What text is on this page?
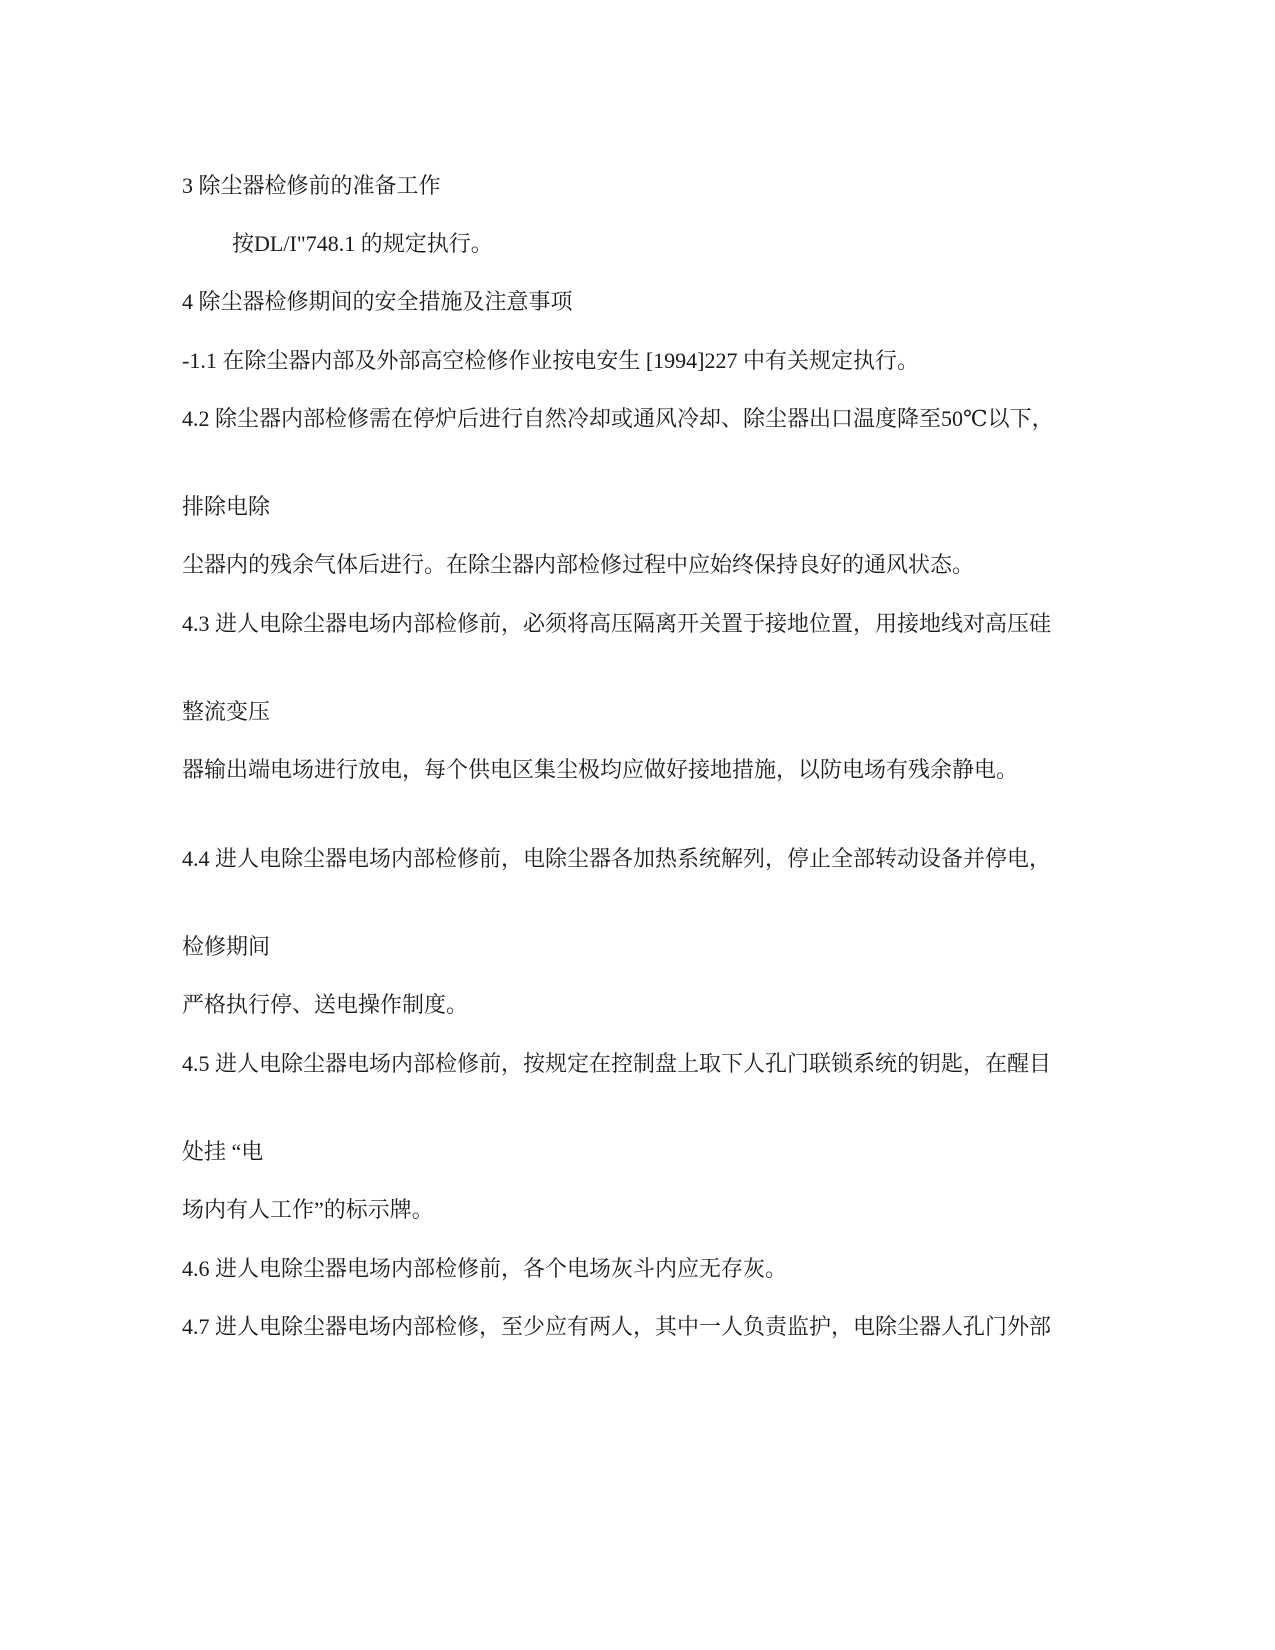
3 除尘器检修前的准备工作

按DL/I"748.1 的规定执行。

4 除尘器检修期间的安全措施及注意事项

-1.1 在除尘器内部及外部高空检修作业按电安生 [1994]227 中有关规定执行。

4.2 除尘器内部检修需在停炉后进行自然冷却或通风冷却、除尘器出口温度降至50℃以下，

排除电除

尘器内的残余气体后进行。在除尘器内部检修过程中应始终保持良好的通风状态。

4.3 进人电除尘器电场内部检修前，必须将高压隔离开关置于接地位置，用接地线对高压硅

整流变压

器输出端电场进行放电，每个供电区集尘极均应做好接地措施，以防电场有残余静电。

4.4 进人电除尘器电场内部检修前，电除尘器各加热系统解列，停止全部转动设备并停电，

检修期间

严格执行停、送电操作制度。

4.5 进人电除尘器电场内部检修前，按规定在控制盘上取下人孔门联锁系统的钥匙，在醒目

处挂 “电

场内有人工作”的标示牌。

4.6 进人电除尘器电场内部检修前，各个电场灰斗内应无存灰。

4.7 进人电除尘器电场内部检修，至少应有两人，其中一人负责监护，电除尘器人孔门外部
